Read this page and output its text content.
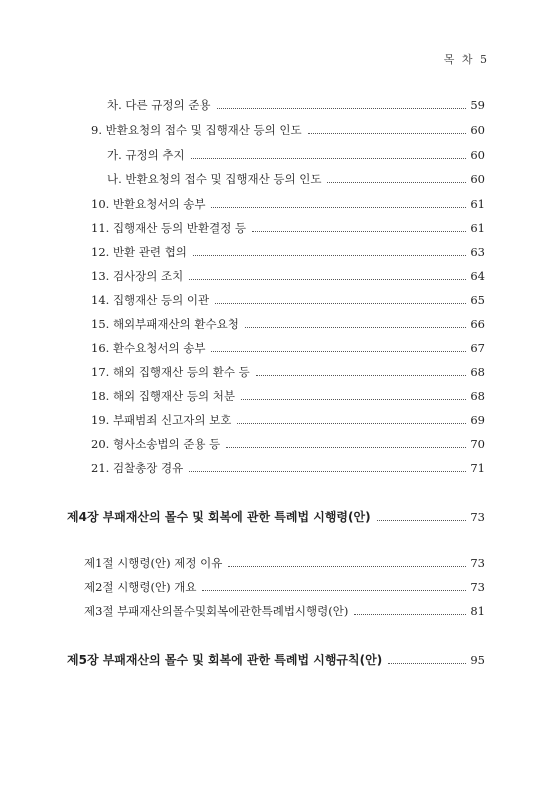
목 차 5
차. 다른 규정의 준용	59
9. 반환요청의 접수 및 집행재산 등의 인도	60
가. 규정의 추지	60
나. 반환요청의 접수 및 집행재산 등의 인도	60
10. 반환요청서의 송부	61
11. 집행재산 등의 반환결정 등	61
12. 반환 관련 협의	63
13. 검사장의 조치	64
14. 집행재산 등의 이관	65
15. 해외부패재산의 환수요청	66
16. 환수요청서의 송부	67
17. 해외 집행재산 등의 환수 등	68
18. 해외 집행재산 등의 처분	68
19. 부패범죄 신고자의 보호	69
20. 형사소송법의 준용 등	70
21. 검찰총장 경유	71
제4장 부패재산의 몰수 및 회복에 관한 특례법 시행령(안)	73
제1절 시행령(안) 제정 이유	73
제2절 시행령(안) 개요	73
제3절 부패재산의몰수및회복에관한특례법시행령(안)	81
제5장 부패재산의 몰수 및 회복에 관한 특례법 시행규칙(안)	95
